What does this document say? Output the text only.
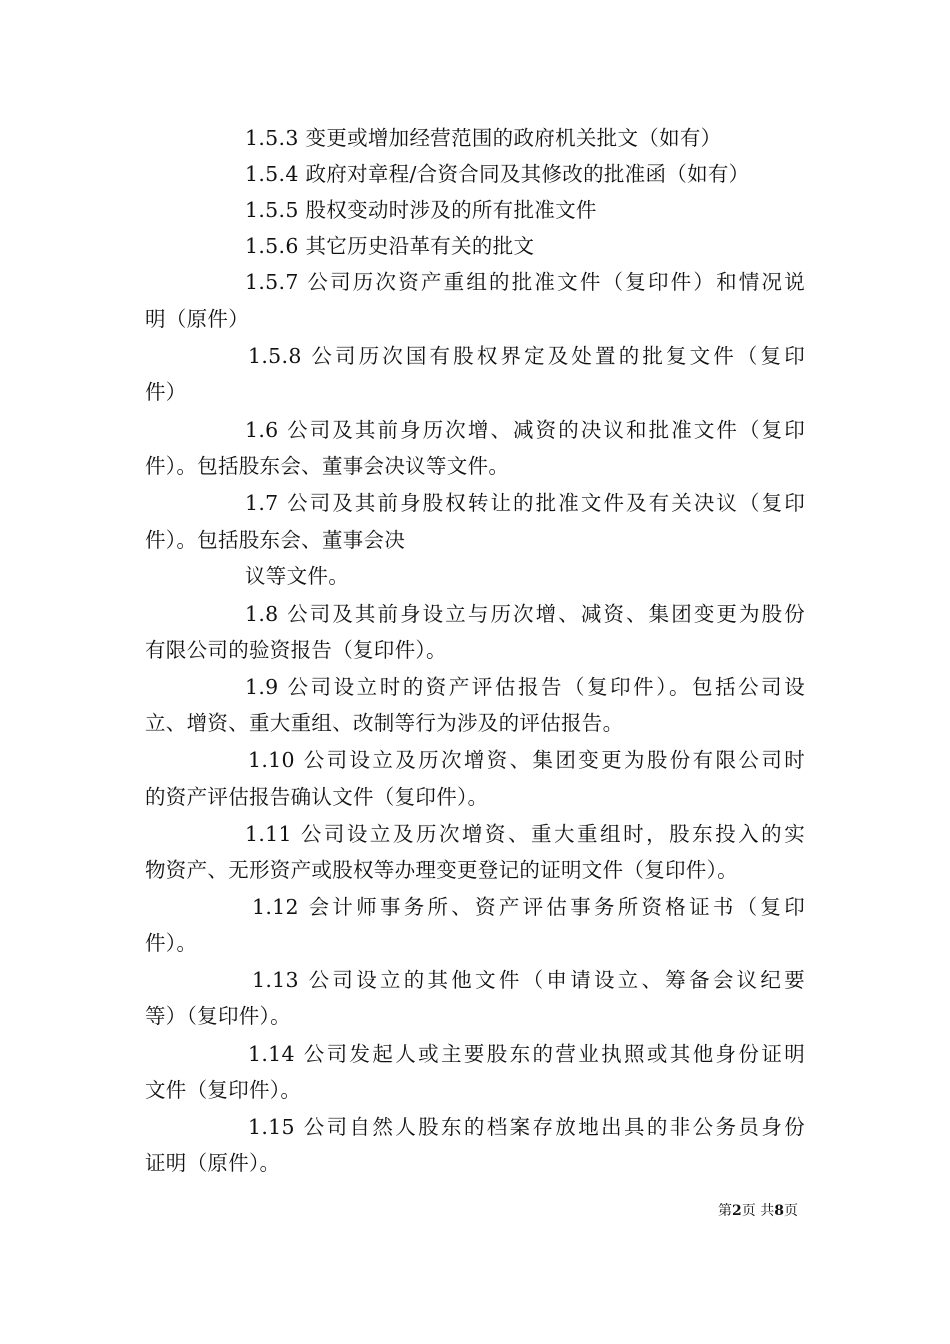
1.5.3 变更或增加经营范围的政府机关批文（如有）
1.5.4 政府对章程/合资合同及其修改的批准函（如有）
1.5.5 股权变动时涉及的所有批准文件
1.5.6 其它历史沿革有关的批文
1.5.7 公司历次资产重组的批准文件（复印件）和情况说
明（原件）
1.5.8 公司历次国有股权界定及处置的批复文件（复印
件）
1.6 公司及其前身历次增、减资的决议和批准文件（复印
件）。包括股东会、董事会决议等文件。
1.7 公司及其前身股权转让的批准文件及有关决议（复印
件）。包括股东会、董事会决
议等文件。
1.8 公司及其前身设立与历次增、减资、集团变更为股份
有限公司的验资报告（复印件）。
1.9 公司设立时的资产评估报告（复印件）。包括公司设
立、增资、重大重组、改制等行为涉及的评估报告。
1.10 公司设立及历次增资、集团变更为股份有限公司时
的资产评估报告确认文件（复印件）。
1.11 公司设立及历次增资、重大重组时，股东投入的实
物资产、无形资产或股权等办理变更登记的证明文件（复印件）。
1.12 会计师事务所、资产评估事务所资格证书（复印
件）。
1.13 公司设立的其他文件（申请设立、筹备会议纪要
等）（复印件）。
1.14 公司发起人或主要股东的营业执照或其他身份证明
文件（复印件）。
1.15 公司自然人股东的档案存放地出具的非公务员身份
证明（原件）。
第2页 共8页
